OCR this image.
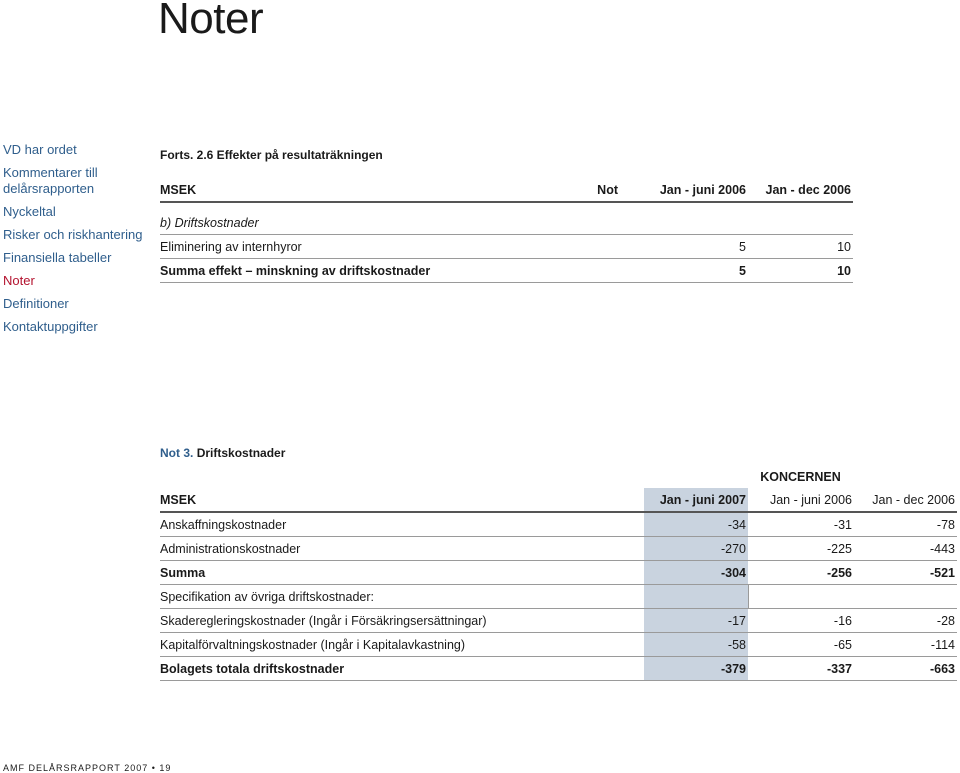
Noter
VD har ordet
Kommentarer till delårsrapporten
Nyckeltal
Risker och riskhantering
Finansiella tabeller
Noter
Definitioner
Kontaktuppgifter
Forts. 2.6 Effekter på resultaträkningen
MSEK	Not	Jan - juni 2006	Jan - dec 2006
b) Driftskostnader			
Eliminering av internhyror		5	10
Summa effekt – minskning av driftskostnader		5	10
Not 3. Driftskostnader
	KONCERNEN		
MSEK	Jan - juni 2007	Jan - juni 2006	Jan - dec 2006
Anskaffningskostnader	-34	-31	-78
Administrationskostnader	-270	-225	-443
Summa	-304	-256	-521
Specifikation av övriga driftskostnader:			
Skaderegleringskostnader (Ingår i Försäkringsersättningar)	-17	-16	-28
Kapitalförvaltningskostnader (Ingår i Kapitalavkastning)	-58	-65	-114
Bolagets totala driftskostnader	-379	-337	-663
AMF DELÅRSRAPPORT 2007 • 19
